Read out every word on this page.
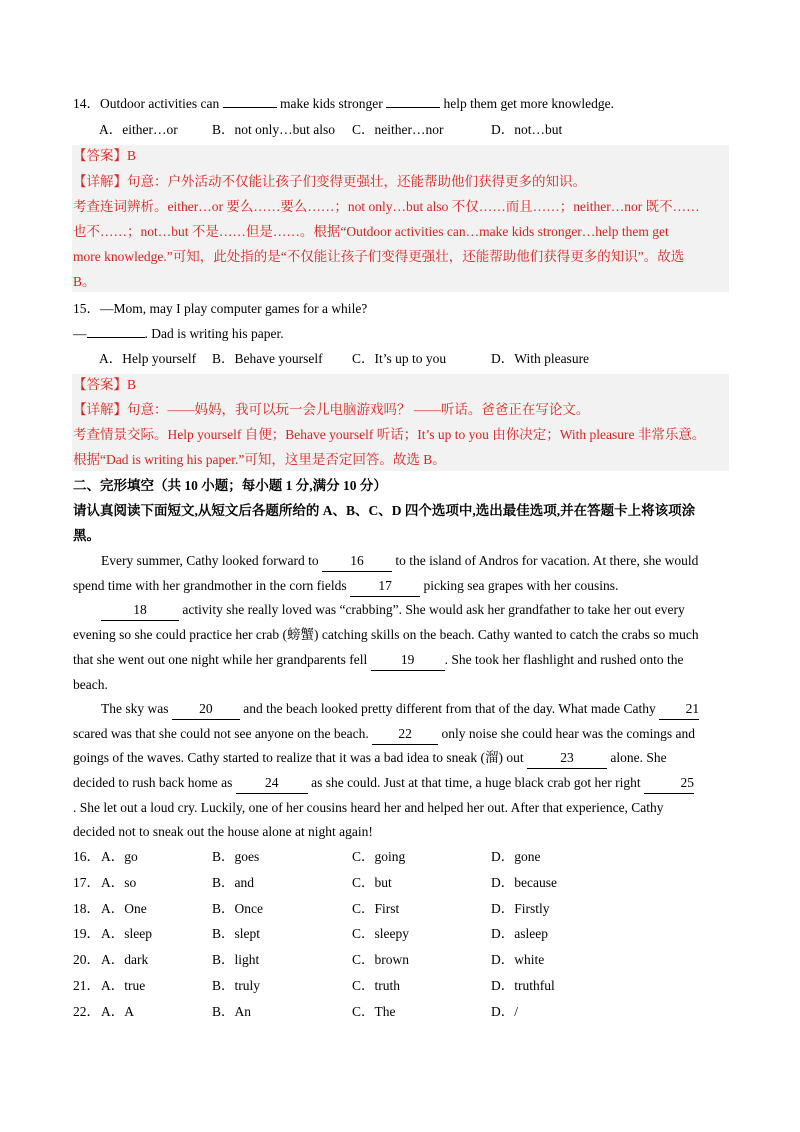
14．Outdoor activities can	make kids stronger	help them get more knowledge.
A．either…or	B．not only…but also C．neither…nor	D．not…but
【答案】B
【详解】句意：户外活动不仅能让孩子们变得更强壮，还能帮助他们获得更多的知识。
考查连词辨析。either…or 要么……要么……；not only…but also 不仅……而且……；neither…nor 既不……
也不……；not…but 不是……但是……。根据“Outdoor activities can…make kids stronger…help them get
more knowledge.”可知，此处指的是“不仅能让孩子们变得更强壮，还能帮助他们获得更多的知识”。故选
B。
15．—Mom, may I play computer games for a while?
—	. Dad is writing his paper.
A．Help yourself B．Behave yourself C．It’s up to you	D．With pleasure
【答案】B
【详解】句意：——妈妈，我可以玩一会儿电脑游戏吗？ ——听话。爸爸正在写论文。
考查情景交际。Help yourself 自便；Behave yourself 听话；It’s up to you 由你决定；With pleasure 非常乐意。
根据“Dad is writing his paper.”可知，这里是否定回答。故选 B。
二、完形填空（共 10 小题；每小题 1 分,满分 10 分）
请认真阅读下面短文,从短文后各题所给的 A、B、C、D 四个选项中,选出最佳选项,并在答题卡上将该项涂
黑。
Every summer, Cathy looked forward to 16 to the island of Andros for vacation. At there, she would
spend time with her grandmother in the corn fields 17 picking sea grapes with her cousins.
18	activity she really loved was “crabbing”. She would ask her grandfather to take her out every
evening so she could practice her crab (螃蟹) catching skills on the beach. Cathy wanted to catch the crabs so much
that she went out one night while her grandparents fell 19 . She took her flashlight and rushed onto the
beach.
The sky was 20 and the beach looked pretty different from that of the day. What made Cathy 21
scared was that she could not see anyone on the beach. 22 only noise she could hear was the comings and
goings of the waves. Cathy started to realize that it was a bad idea to sneak (溜) out	23	alone. She
decided to rush back home as 24 as she could. Just at that time, a huge black crab got her right	25
. She let out a loud cry. Luckily, one of her cousins heard her and helped her out. After that experience, Cathy
decided not to sneak out the house alone at night again!
16． A．go	B．goes	C．going	D．gone
17． A．so	B．and	C．but	D．because
18． A．One	B．Once	C．First	D．Firstly
19． A．sleep	B．slept	C．sleepy	D．asleep
20． A．dark	B．light	C．brown	D．white
21． A．true	B．truly	C．truth	D．truthful
22． A．A	B．An	C．The	D．/
